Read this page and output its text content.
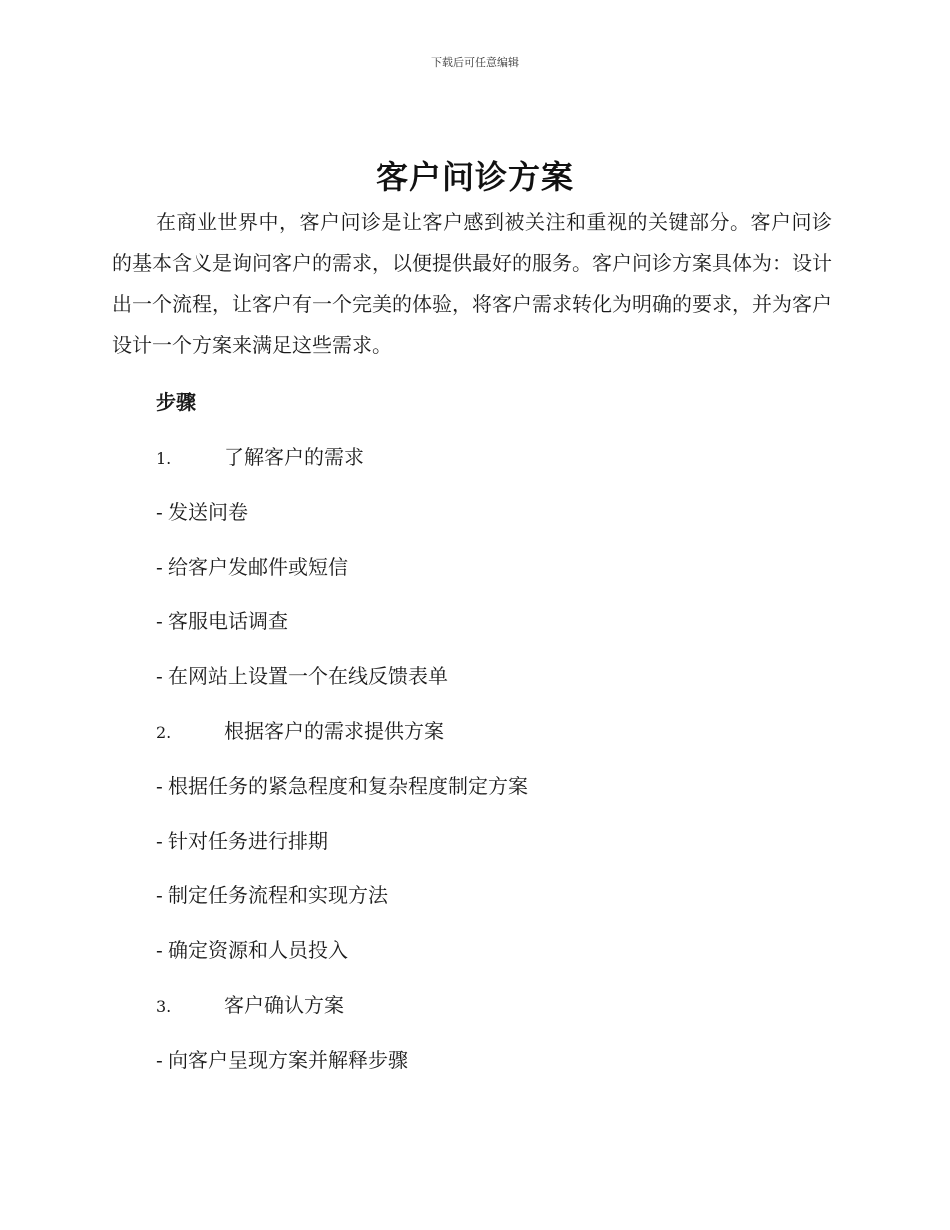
下载后可任意编辑
客户问诊方案

在商业世界中，客户问诊是让客户感到被关注和重视的关键部分。客户问诊的基本含义是询问客户的需求，以便提供最好的服务。客户问诊方案具体为：设计出一个流程，让客户有一个完美的体验，将客户需求转化为明确的要求，并为客户设计一个方案来满足这些需求。

步骤
1.	了解客户的需求
- 发送问卷
- 给客户发邮件或短信
- 客服电话调查
- 在网站上设置一个在线反馈表单
2.	根据客户的需求提供方案
- 根据任务的紧急程度和复杂程度制定方案
- 针对任务进行排期
- 制定任务流程和实现方法
- 确定资源和人员投入
3.	客户确认方案
- 向客户呈现方案并解释步骤
